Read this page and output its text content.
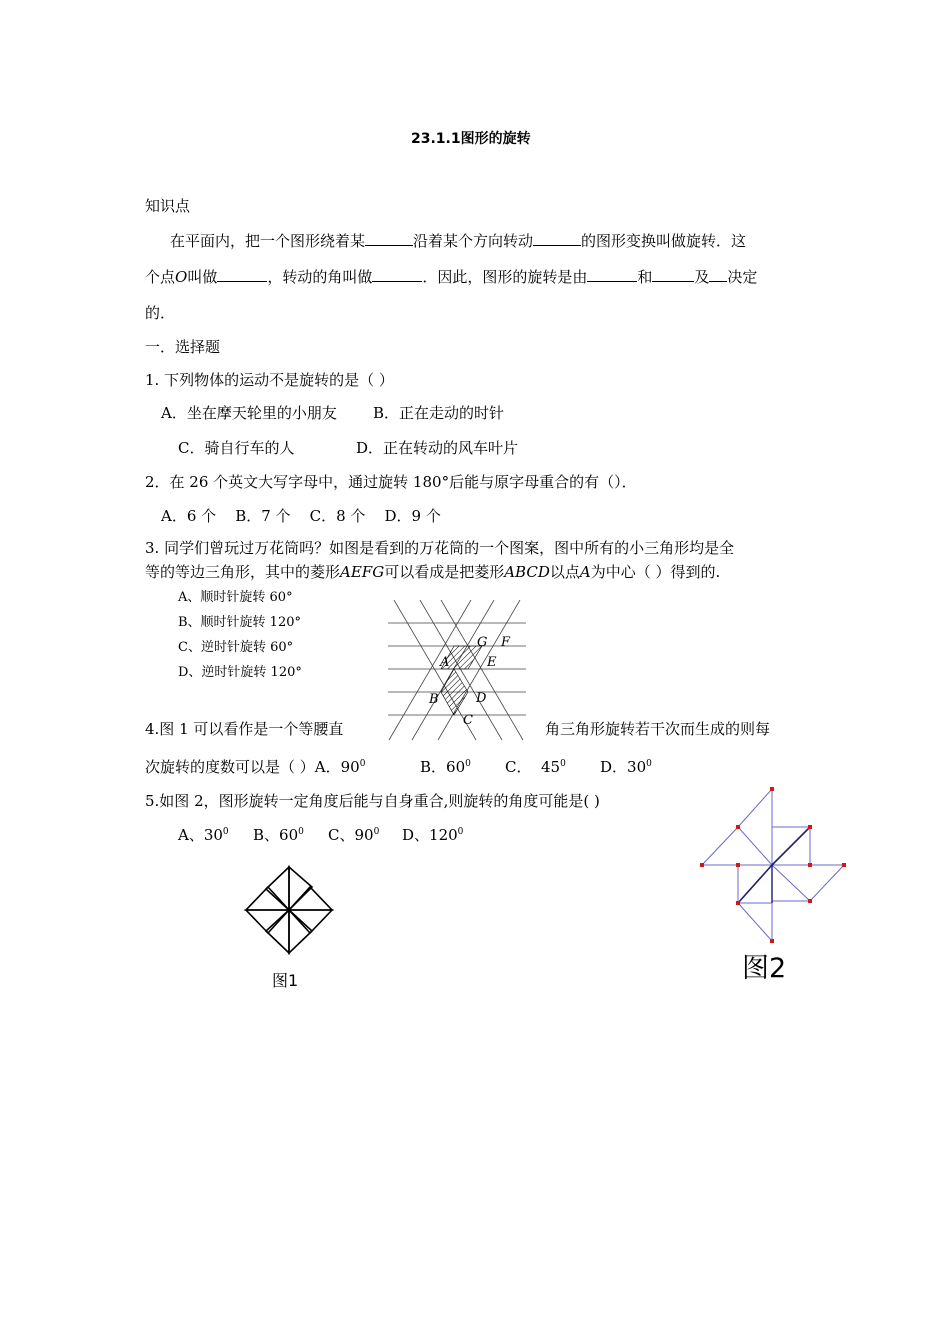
23.1.1图形的旋转
知识点
在平面内，把一个图形绕着某	沿着某个方向转动	的图形变换叫做旋转．这
个点O叫做	，转动的角叫做	．因此，图形的旋转是由	和	及 决定
的．
一．选择题
1. 下列物体的运动不是旋转的是（ ）
A．坐在摩天轮里的小朋友 B．正在走动的时针
C．骑自行车的人	D．正在转动的风车叶片
2．在 26 个英文大写字母中，通过旋转 180°后能与原字母重合的有（）．
A．6 个    B．7 个    C．8 个    D．9 个
3. 同学们曾玩过万花筒吗？如图是看到的万花筒的一个图案，图中所有的小三角形均是全
等的等边三角形，其中的菱形AEFG可以看成是把菱形ABCD以点A为中心（ ）得到的.
A、顺时针旋转 60°
B、顺时针旋转 120°
C、逆时针旋转 60°
D、逆时针旋转 120°
A
B
C
D
E
F
G
4.图 1 可以看作是一个等腰直	角三角形旋转若干次而生成的则每
次旋转的度数可以是（ ）A．$90^0$	B．$60^0$ C．  $45^0$ D．$30^0$
5.如图 2，图形旋转一定角度后能与自身重合,则旋转的角度可能是( )
A、$30^0$ B、$60^0$ C、$90^0$ D、$120^0$
图1	图2
